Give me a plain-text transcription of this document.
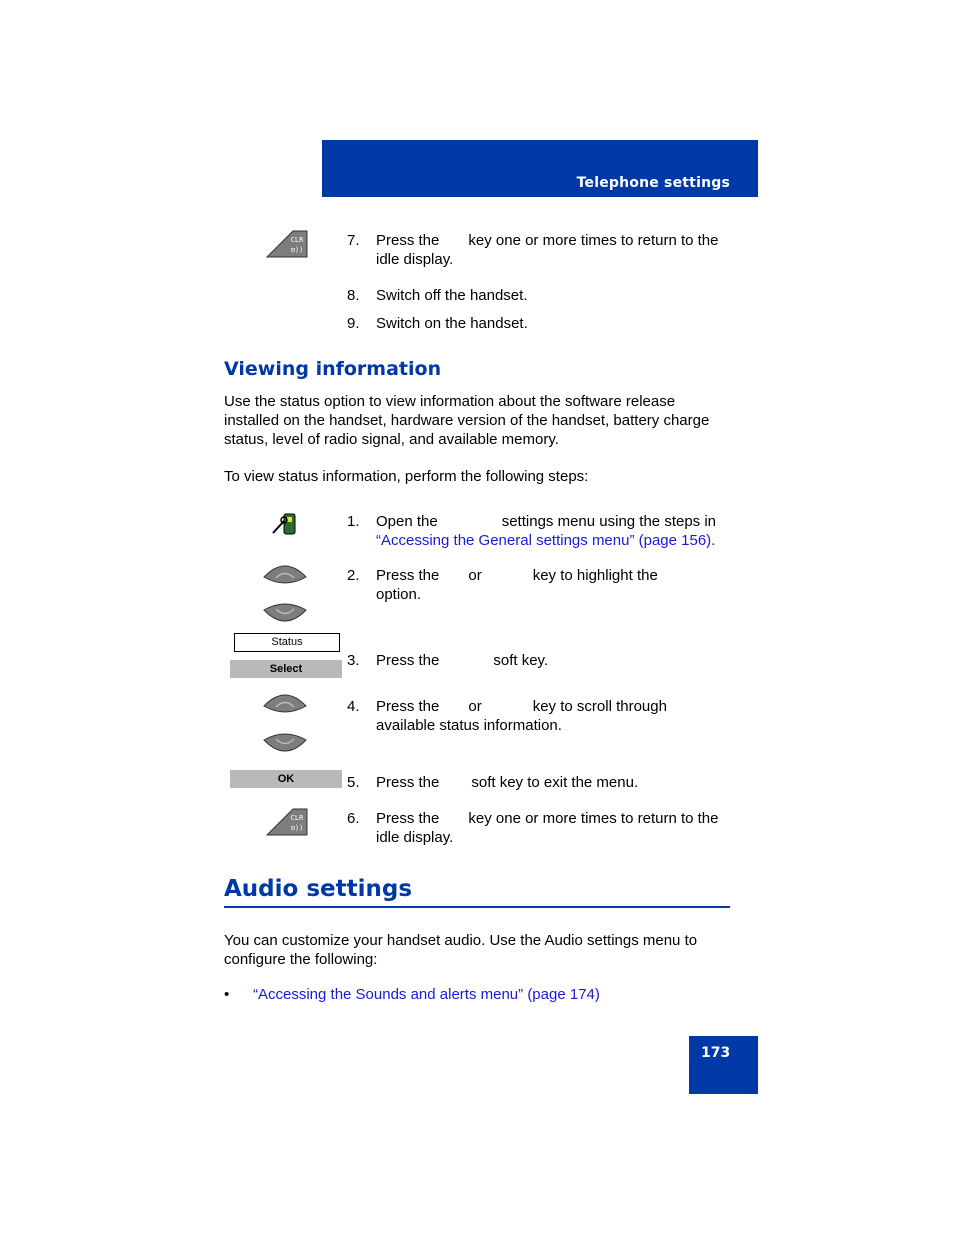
Telephone settings
CLR
⊡))
7. Press the key one or more times to return to the
idle display.
8. Switch off the handset.
9. Switch on the handset.
Viewing information
Use the status option to view information about the software release installed on the handset, hardware version of the handset, battery charge status, level of radio signal, and available memory.
To view status information, perform the following steps:
1. Open the	settings menu using the steps in
“Accessing the General settings menu” (page 156).
2. Press the or	key to highlight the
option.
Status
Select	3. Press the	soft key.
4. Press the or	key to scroll through
available status information.
OK	5. Press the soft key to exit the menu.
CLR
⊡))
6. Press the key one or more times to return to the
idle display.
Audio settings
You can customize your handset audio. Use the Audio settings menu to configure the following:
• “Accessing the Sounds and alerts menu” (page 174)
173
